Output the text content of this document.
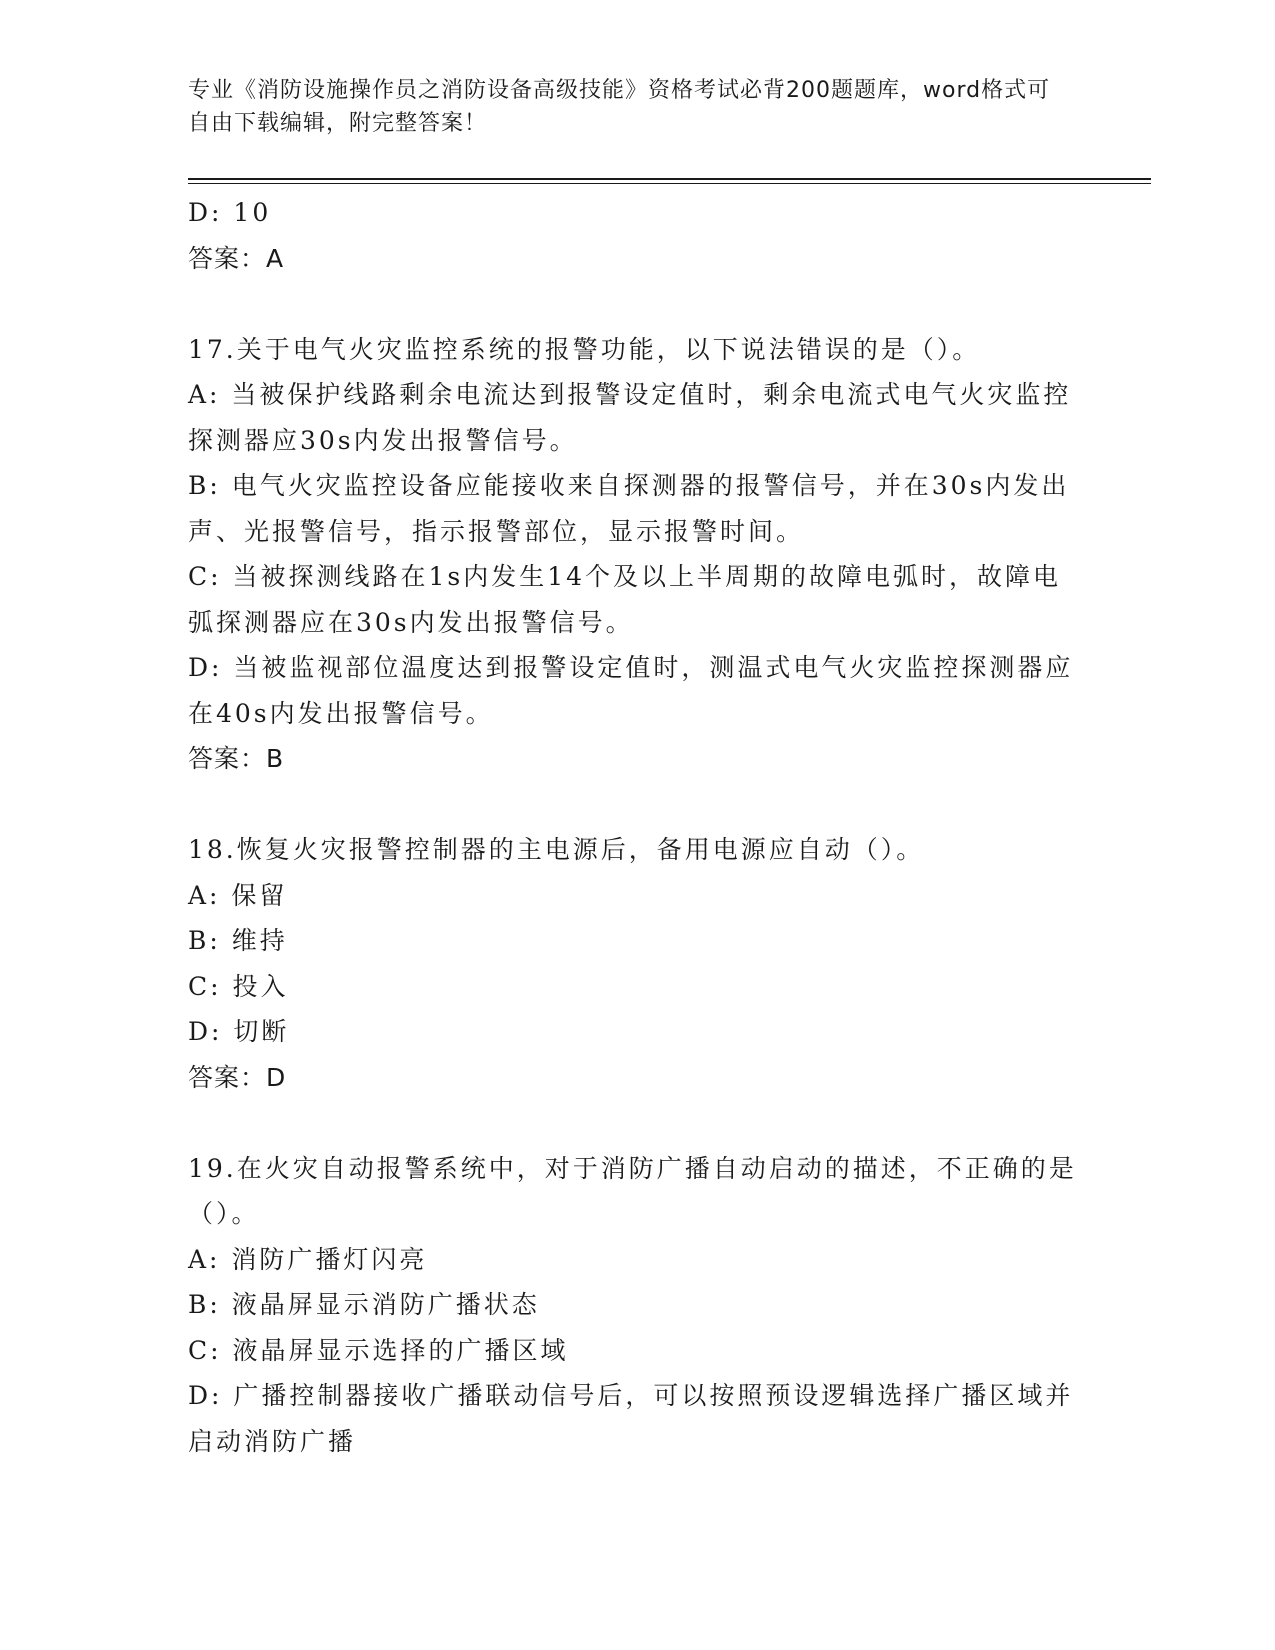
专业《消防设施操作员之消防设备高级技能》资格考试必背200题题库，word格式可自由下载编辑，附完整答案！
D: 10
答案：A
17.关于电气火灾监控系统的报警功能，以下说法错误的是（）。
A: 当被保护线路剩余电流达到报警设定值时，剩余电流式电气火灾监控探测器应30s内发出报警信号。
B: 电气火灾监控设备应能接收来自探测器的报警信号，并在30s内发出声、光报警信号，指示报警部位，显示报警时间。
C: 当被探测线路在1s内发生14个及以上半周期的故障电弧时，故障电弧探测器应在30s内发出报警信号。
D: 当被监视部位温度达到报警设定值时，测温式电气火灾监控探测器应在40s内发出报警信号。
答案：B
18.恢复火灾报警控制器的主电源后，备用电源应自动（）。
A: 保留
B: 维持
C: 投入
D: 切断
答案：D
19.在火灾自动报警系统中，对于消防广播自动启动的描述，不正确的是（）。
A: 消防广播灯闪亮
B: 液晶屏显示消防广播状态
C: 液晶屏显示选择的广播区域
D: 广播控制器接收广播联动信号后，可以按照预设逻辑选择广播区域并启动消防广播
